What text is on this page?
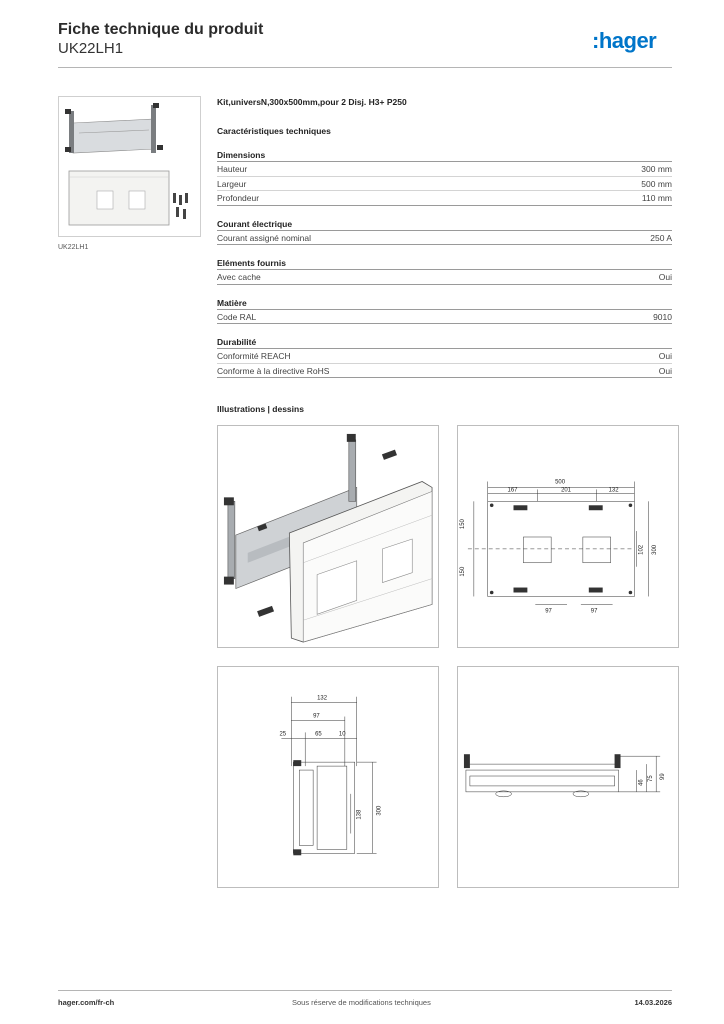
Fiche technique du produit
UK22LH1	:hager
UK22LH1
Kit,universN,300x500mm,pour 2 Disj. H3+ P250
Caractéristiques techniques
Dimensions
Hauteur	300 mm
Largeur	500 mm
Profondeur	110 mm
Courant électrique
Courant assigné nominal	250 A
Eléments fournis
Avec cache	Oui
Matière
Code RAL	9010
Durabilité
Conformité REACH	Oui
Conforme à la directive RoHS	Oui
Illustrations | dessins
500
167	201	132
150
150
300
102
97	97
132
97
25	65	10
138 300
46
75 99
hager.com/fr-ch	Sous réserve de modifications techniques	14.03.2026
